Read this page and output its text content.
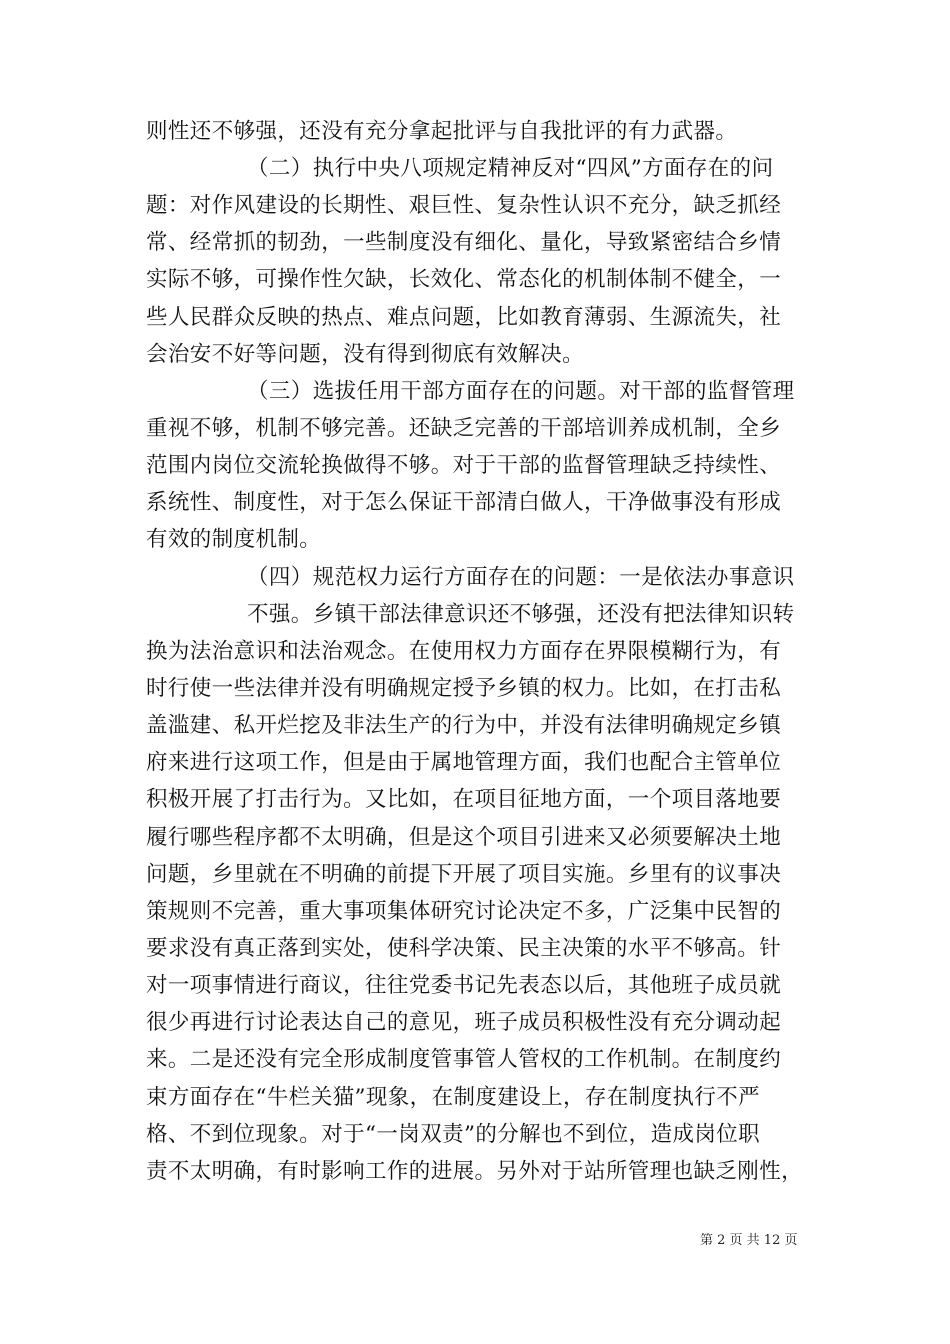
则性还不够强，还没有充分拿起批评与自我批评的有力武器。
（二）执行中央八项规定精神反对“四风”方面存在的问
题：对作风建设的长期性、艰巨性、复杂性认识不充分，缺乏抓经
常、经常抓的韧劲，一些制度没有细化、量化，导致紧密结合乡情
实际不够，可操作性欠缺，长效化、常态化的机制体制不健全，一
些人民群众反映的热点、难点问题，比如教育薄弱、生源流失，社
会治安不好等问题，没有得到彻底有效解决。
（三）选拔任用干部方面存在的问题。对干部的监督管理
重视不够，机制不够完善。还缺乏完善的干部培训养成机制，全乡
范围内岗位交流轮换做得不够。对于干部的监督管理缺乏持续性、
系统性、制度性，对于怎么保证干部清白做人，干净做事没有形成
有效的制度机制。
（四）规范权力运行方面存在的问题：一是依法办事意识
不强。乡镇干部法律意识还不够强，还没有把法律知识转
换为法治意识和法治观念。在使用权力方面存在界限模糊行为，有
时行使一些法律并没有明确规定授予乡镇的权力。比如，在打击私
盖滥建、私开烂挖及非法生产的行为中，并没有法律明确规定乡镇
府来进行这项工作，但是由于属地管理方面，我们也配合主管单位
积极开展了打击行为。又比如，在项目征地方面，一个项目落地要
履行哪些程序都不太明确，但是这个项目引进来又必须要解决土地
问题，乡里就在不明确的前提下开展了项目实施。乡里有的议事决
策规则不完善，重大事项集体研究讨论决定不多，广泛集中民智的
要求没有真正落到实处，使科学决策、民主决策的水平不够高。针
对一项事情进行商议，往往党委书记先表态以后，其他班子成员就
很少再进行讨论表达自己的意见，班子成员积极性没有充分调动起
来。二是还没有完全形成制度管事管人管权的工作机制。在制度约
束方面存在“牛栏关猫”现象，在制度建设上，存在制度执行不严
格、不到位现象。对于“一岗双责”的分解也不到位，造成岗位职
责不太明确，有时影响工作的进展。另外对于站所管理也缺乏刚性，
第 2 页 共 12 页
